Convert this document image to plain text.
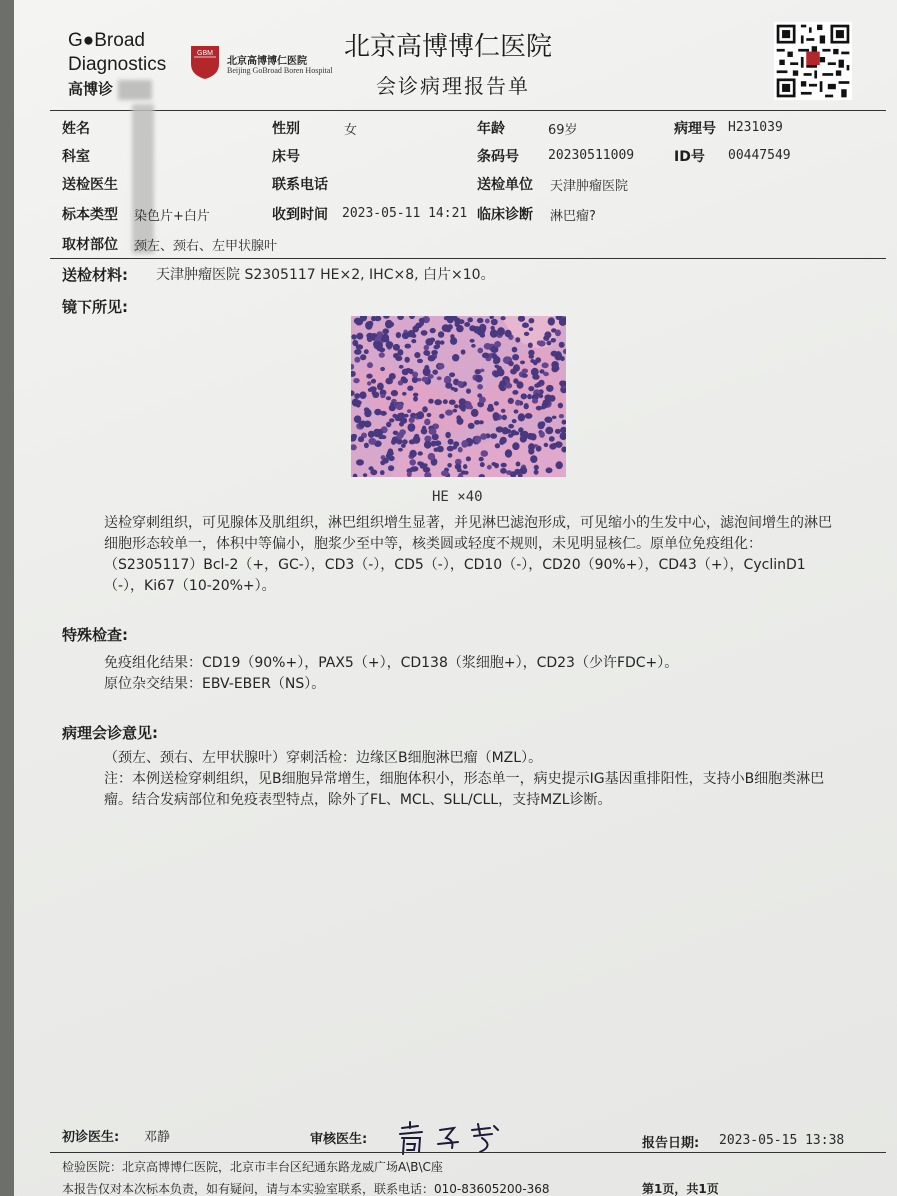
G●Broad
Diagnostics
高博诊
GBM
北京高博博仁医院
Beijing GoBroad Boren Hospital
北京高博博仁医院
会诊病理报告单
姓名	性别	女	年龄	69岁	病理号 H231039
科室	床号	条码号 20230511009	ID号 00447549
送检医生	联系电话	送检单位 天津肿瘤医院
标本类型 染色片+白片	收到时间 2023-05-11 14:21 临床诊断 淋巴瘤?
取材部位 颈左、颈右、左甲状腺叶
送检材料: 天津肿瘤医院 S2305117 HE×2, IHC×8, 白片×10。
镜下所见:
HE ×40
送检穿刺组织，可见腺体及肌组织，淋巴组织增生显著，并见淋巴滤泡形成，可见缩小的生发中心，滤泡间增生的淋巴细胞形态较单一，体积中等偏小，胞浆少至中等，核类圆或轻度不规则，未见明显核仁。原单位免疫组化：（S2305117）Bcl-2（+，GC-），CD3（-），CD5（-），CD10（-），CD20（90%+），CD43（+），CyclinD1（-），Ki67（10-20%+）。
特殊检查:
免疫组化结果：CD19（90%+），PAX5（+），CD138（浆细胞+），CD23（少许FDC+）。
原位杂交结果：EBV-EBER（NS）。
病理会诊意见:
（颈左、颈右、左甲状腺叶）穿刺活检：边缘区B细胞淋巴瘤（MZL）。
注：本例送检穿刺组织，见B细胞异常增生，细胞体积小，形态单一，病史提示IG基因重排阳性，支持小B细胞类淋巴瘤。结合发病部位和免疫表型特点，除外了FL、MCL、SLL/CLL，支持MZL诊断。
初诊医生: 邓静	审核医生:	报告日期: 2023-05-15 13:38
检验医院：北京高博博仁医院，北京市丰台区纪通东路龙威广场A\B\C座
本报告仅对本次标本负责，如有疑问，请与本实验室联系，联系电话：010-83605200-368	第1页，共1页
